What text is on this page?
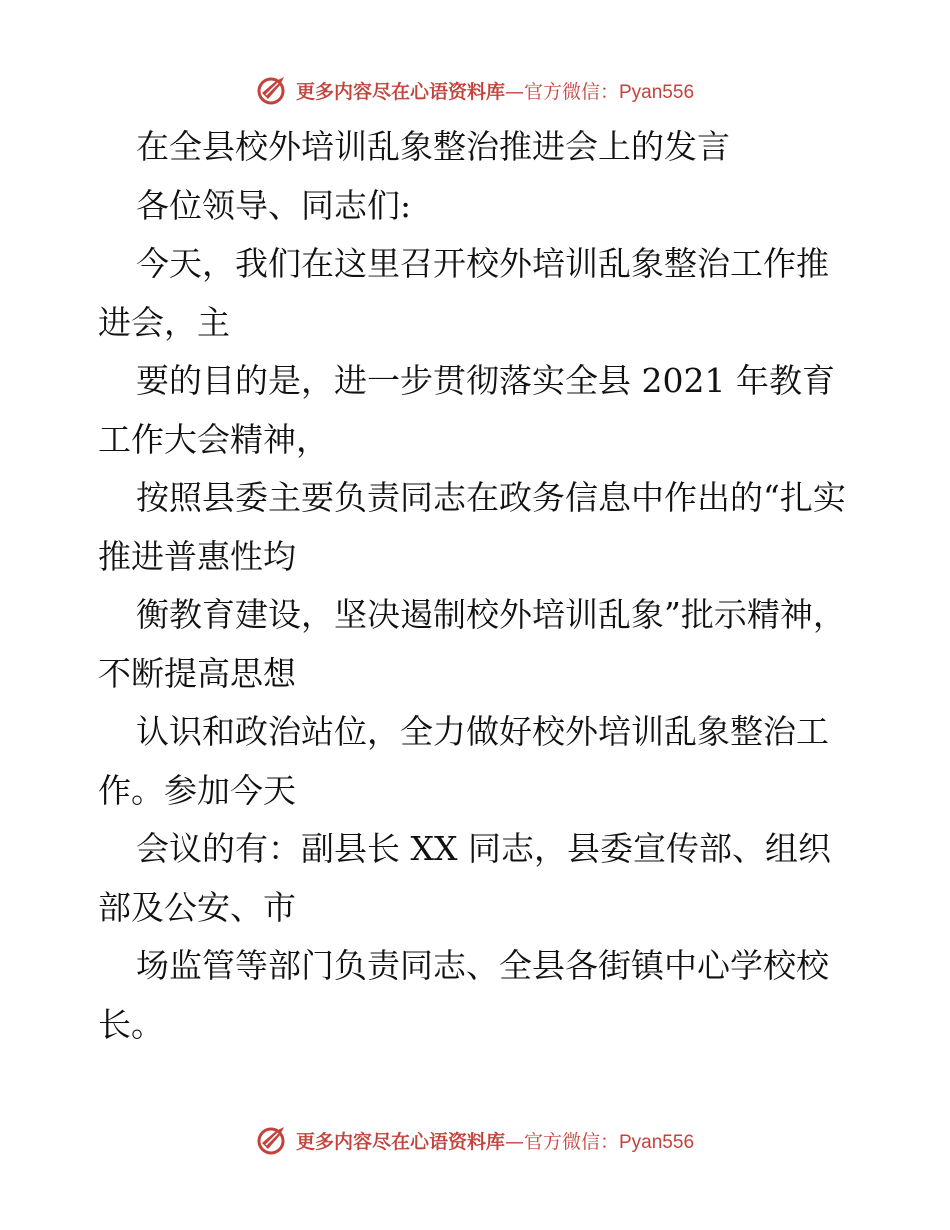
更多内容尽在心语资料库—官方微信：Pyan556

在全县校外培训乱象整治推进会上的发言

各位领导、同志们:

今天，我们在这里召开校外培训乱象整治工作推进会，主

要的目的是，进一步贯彻落实全县 2021 年教育工作大会精神，

按照县委主要负责同志在政务信息中作出的“扎实推进普惠性均

衡教育建设，坚决遏制校外培训乱象”批示精神，不断提高思想

认识和政治站位，全力做好校外培训乱象整治工作。参加今天

会议的有：副县长 XX 同志，县委宣传部、组织部及公安、市

场监管等部门负责同志、全县各街镇中心学校校长。

更多内容尽在心语资料库—官方微信：Pyan556
